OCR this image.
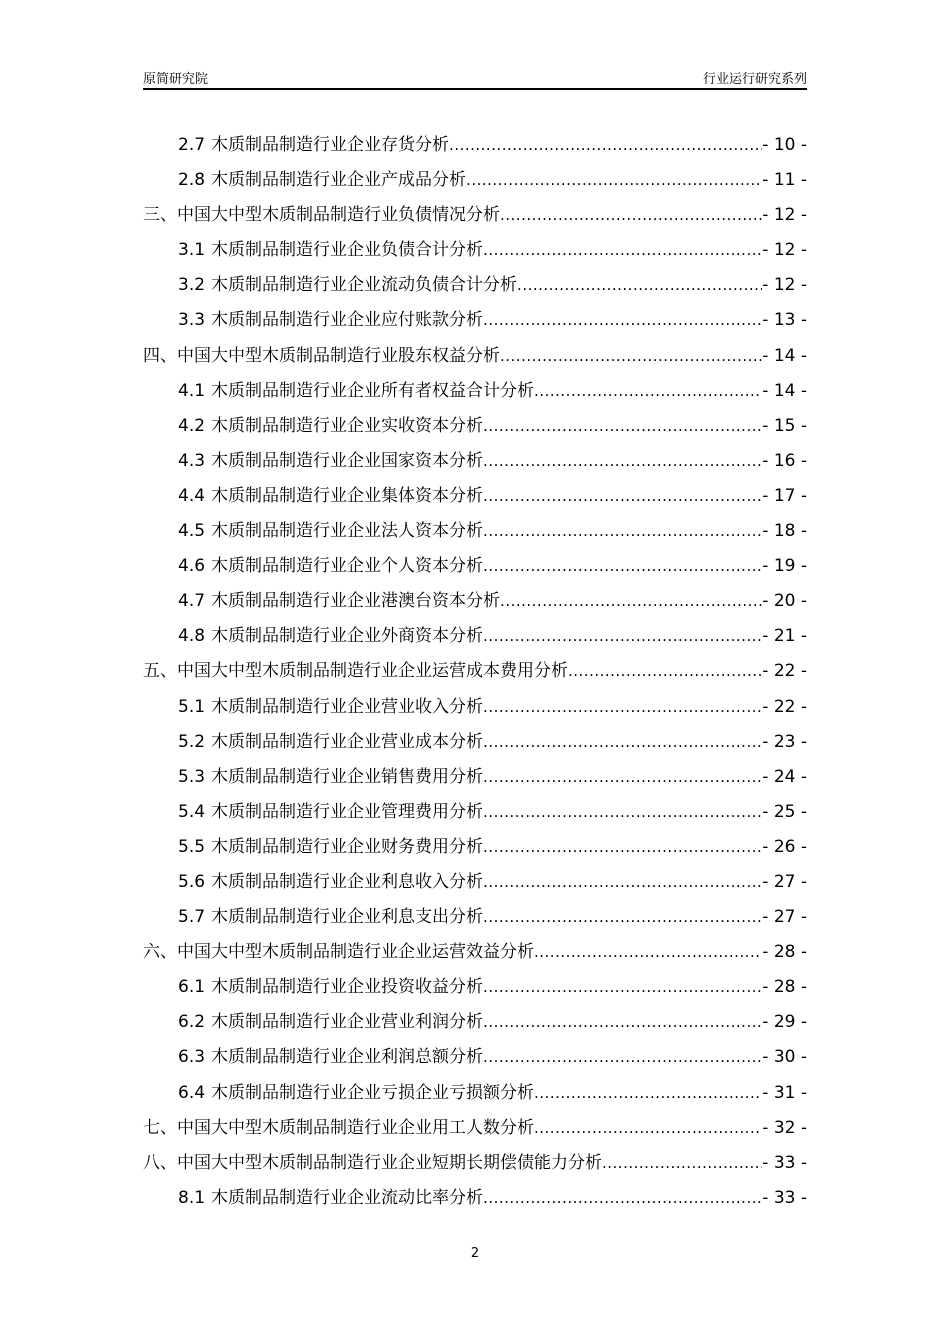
原简研究院	行业运行研究系列
2.7 木质制品制造行业企业存货分析 .....	- 10 -
2.8 木质制品制造行业企业产成品分析 .....	- 11 -
三、中国大中型木质制品制造行业负债情况分析 .....	- 12 -
3.1 木质制品制造行业企业负债合计分析 .....	- 12 -
3.2 木质制品制造行业企业流动负债合计分析 .....	- 12 -
3.3 木质制品制造行业企业应付账款分析 .....	- 13 -
四、中国大中型木质制品制造行业股东权益分析 .....	- 14 -
4.1 木质制品制造行业企业所有者权益合计分析 .....	- 14 -
4.2 木质制品制造行业企业实收资本分析 .....	- 15 -
4.3 木质制品制造行业企业国家资本分析 .....	- 16 -
4.4 木质制品制造行业企业集体资本分析 .....	- 17 -
4.5 木质制品制造行业企业法人资本分析 .....	- 18 -
4.6 木质制品制造行业企业个人资本分析 .....	- 19 -
4.7 木质制品制造行业企业港澳台资本分析 .....	- 20 -
4.8 木质制品制造行业企业外商资本分析 .....	- 21 -
五、中国大中型木质制品制造行业企业运营成本费用分析 .....	- 22 -
5.1 木质制品制造行业企业营业收入分析 .....	- 22 -
5.2 木质制品制造行业企业营业成本分析 .....	- 23 -
5.3 木质制品制造行业企业销售费用分析 .....	- 24 -
5.4 木质制品制造行业企业管理费用分析 .....	- 25 -
5.5 木质制品制造行业企业财务费用分析 .....	- 26 -
5.6 木质制品制造行业企业利息收入分析 .....	- 27 -
5.7 木质制品制造行业企业利息支出分析 .....	- 27 -
六、中国大中型木质制品制造行业企业运营效益分析 .....	- 28 -
6.1 木质制品制造行业企业投资收益分析 .....	- 28 -
6.2 木质制品制造行业企业营业利润分析 .....	- 29 -
6.3 木质制品制造行业企业利润总额分析 .....	- 30 -
6.4 木质制品制造行业企业亏损企业亏损额分析 .....	- 31 -
七、中国大中型木质制品制造行业企业用工人数分析 .....	- 32 -
八、中国大中型木质制品制造行业企业短期长期偿债能力分析 .....	- 33 -
8.1 木质制品制造行业企业流动比率分析 .....	- 33 -
2
